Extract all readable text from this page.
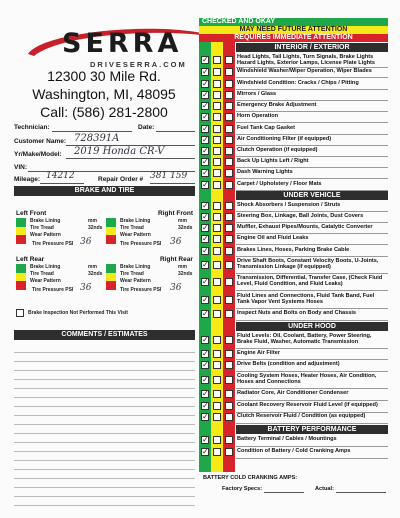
SERRA
DRIVESERRA.COM
12300 30 Mile Rd.
Washington, MI, 48095
Call: (586) 281-2800
Technician:	Date:
Customer Name: 728391A
Yr/Make/Model: 2019 Honda CR-V
VIN:
Mileage: 14212	Repair Order # 381 159
BRAKE AND TIRE
Left Front	Right Front
Brake Lining
Tire Tread
Wear Pattern
mm
32nds
Tire Pressure PSI 36
Brake Lining
Tire Tread
Wear Pattern
mm
32nds
Tire Pressure PSI 36
Left Rear	Right Rear
Brake Lining
Tire Tread
Wear Pattern
mm
32nds
Tire Pressure PSI 36
Brake Lining
Tire Tread
Wear Pattern
mm
32nds
Tire Pressure PSI 36
Brake Inspection Not Performed This Visit
COMMENTS / ESTIMATES
CHECKED AND OKAY
MAY NEED FUTURE ATTENTION
REQUIRES IMMEDIATE ATTENTION
INTERIOR / EXTERIOR
Head Lights, Tail Lights, Turn Signals, Brake Lights Hazard Lights, Exterior Lamps, License Plate Lights
✓
Windshield Washer/Wiper Operation, Wiper Blades
✓
Windshield Condition: Cracks / Chips / Pitting
✓
Mirrors / Glass
✓
Emergency Brake Adjustment
✓
Horn Operation
✓
Fuel Tank Cap Gasket
✓
Air Conditioning Filter (if equipped)
✓
Clutch Operation (if equipped)
✓
Back Up Lights Left / Right
✓
Dash Warning Lights
✓
Carpet / Upholstery / Floor Mats
✓
UNDER VEHICLE
Shock Absorbers / Suspension / Struts
✓
Steering Box, Linkage, Ball Joints, Dust Covers
✓
Muffler, Exhaust Pipes/Mounts, Catalytic Converter
✓
Engine Oil and Fluid Leaks
✓
Brakes Lines, Hoses, Parking Brake Cable
✓
Drive Shaft Boots, Constant Velocity Boots, U-Joints, Transmission Linkage (if equipped)
✓
Transmission, Differential, Transfer Case, (Check Fluid Level, Fluid Condition, and Fluid Leaks)
✓
Fluid Lines and Connections, Fluid Tank Band, Fuel Tank Vapor Vent Systems Hoses
✓
Inspect Nuts and Bolts on Body and Chassis
✓
UNDER HOOD
Fluid Levels: Oil, Coolant, Battery, Power Steering, Brake Fluid, Washer, Automatic Transmission
✓
Engine Air Filter
✓
Drive Belts (condition and adjustment)
✓
Cooling System Hoses, Heater Hoses, Air Condition, Hoses and Connections
✓
Radiator Core, Air Conditioner Condenser
✓
Coolant Recovery Reservoir Fluid Level (if equipped)
✓
Clutch Reservoir Fluid / Condition (as equipped)
✓
BATTERY PERFORMANCE
Battery Terminal / Cables / Mountings
✓
Condition of Battery / Cold Cranking Amps
✓
BATTERY COLD CRANKING AMPS:
Factory Specs:	Actual:
